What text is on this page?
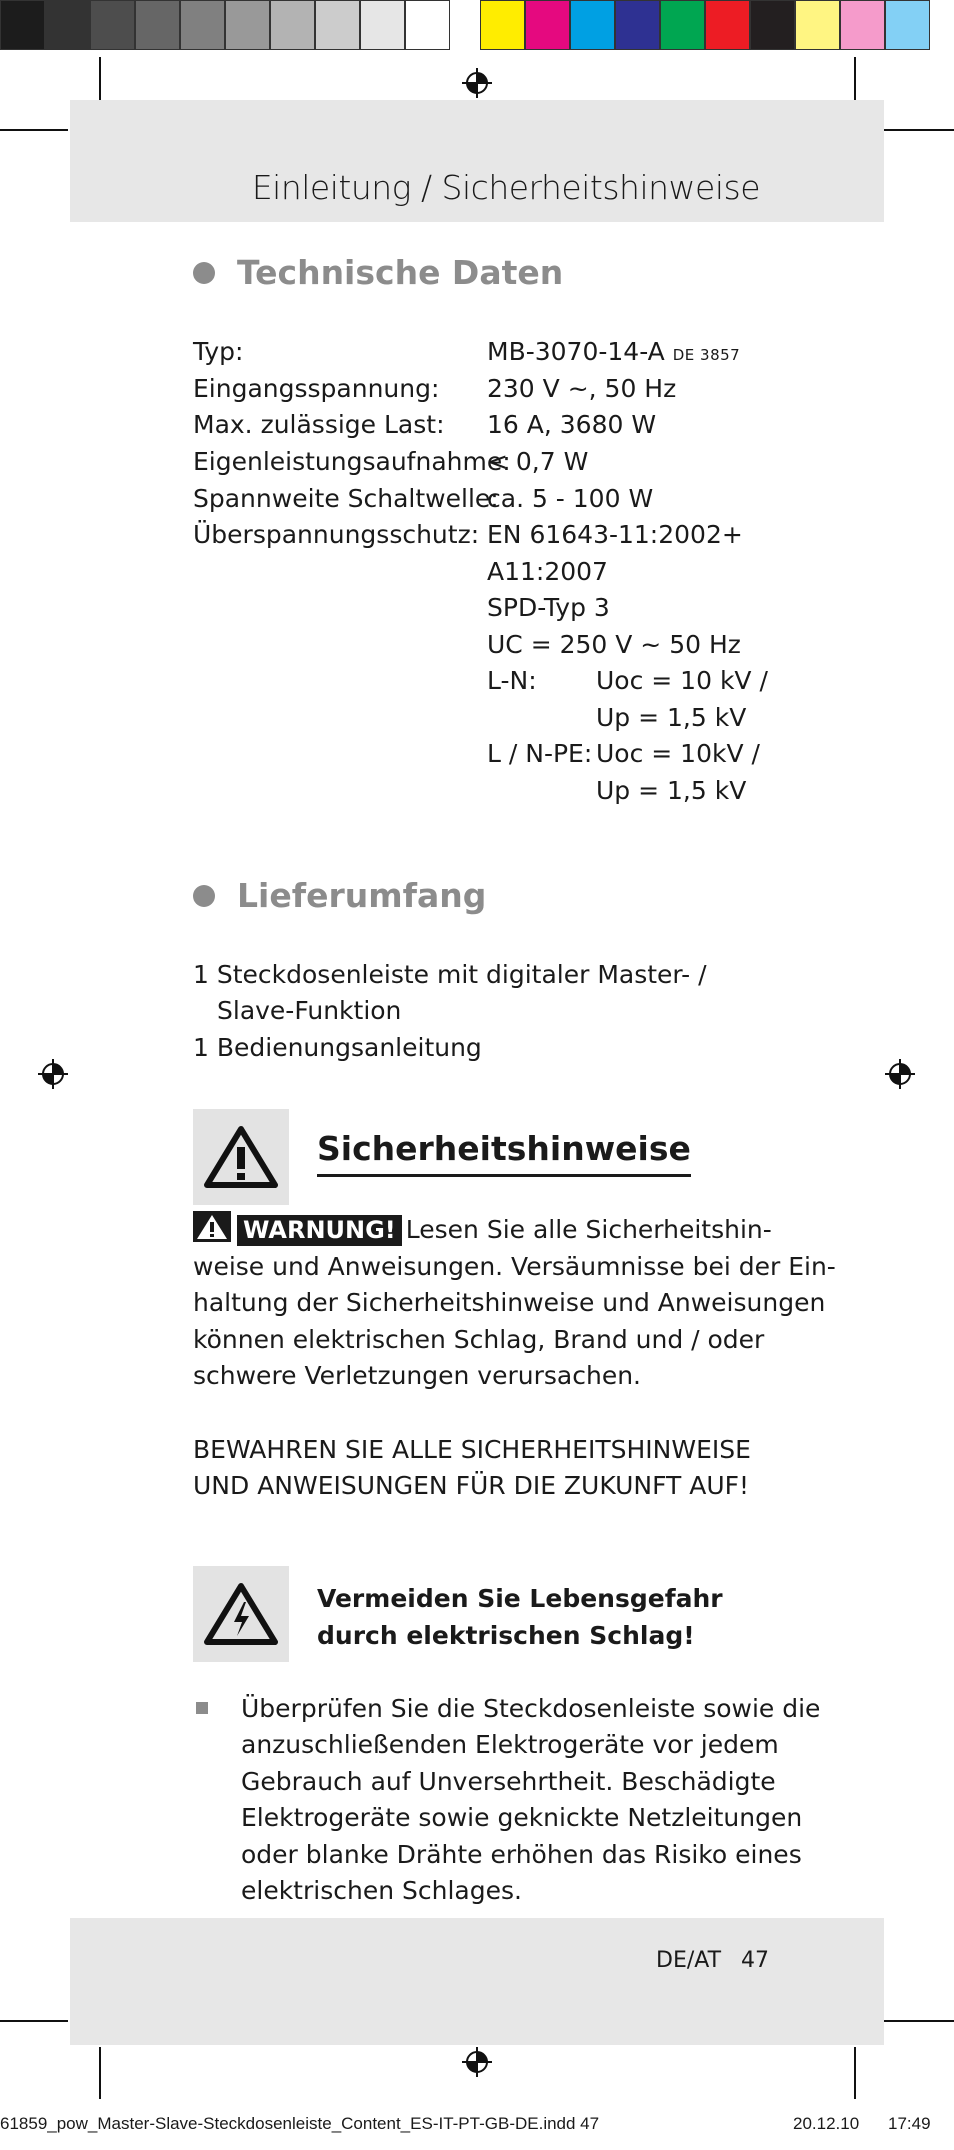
Einleitung / Sicherheitshinweise
Technische Daten
Typ:	MB-3070-14-A DE 3857
Eingangsspannung: 230 V ~, 50 Hz
Max. zulässige Last: 16 A, 3680 W
Eigenleistungsaufnahme:
< 0,7 W
Spannweite Schaltwelle:
ca. 5 - 100 W
Überspannungsschutz: EN 61643-11:2002+
A11:2007
SPD-Typ 3
UC = 250 V ~ 50 Hz
L-N: Uoc = 10 kV /
Up = 1,5 kV
L / N-PE: Uoc = 10kV /
Up = 1,5 kV
Lieferumfang
1 Steckdosenleiste mit digitaler Master- /
Slave-Funktion
1 Bedienungsanleitung
Sicherheitshinweise
WARNUNG! Lesen Sie alle Sicherheitshin-
weise und Anweisungen. Versäumnisse bei der Ein-
haltung der Sicherheitshinweise und Anweisungen
können elektrischen Schlag, Brand und / oder
schwere Verletzungen verursachen.
BEWAHREN SIE ALLE SICHERHEITSHINWEISE
UND ANWEISUNGEN FÜR DIE ZUKUNFT AUF!
Vermeiden Sie Lebensgefahr
durch elektrischen Schlag!
Überprüfen Sie die Steckdosenleiste sowie die
anzuschließenden Elektrogeräte vor jedem
Gebrauch auf Unversehrtheit. Beschädigte
Elektrogeräte sowie geknickte Netzleitungen
oder blanke Drähte erhöhen das Risiko eines
elektrischen Schlages.
DE/AT 47
61859_pow_Master-Slave-Steckdosenleiste_Content_ES-IT-PT-GB-DE.indd 47	20.12.10 17:49
